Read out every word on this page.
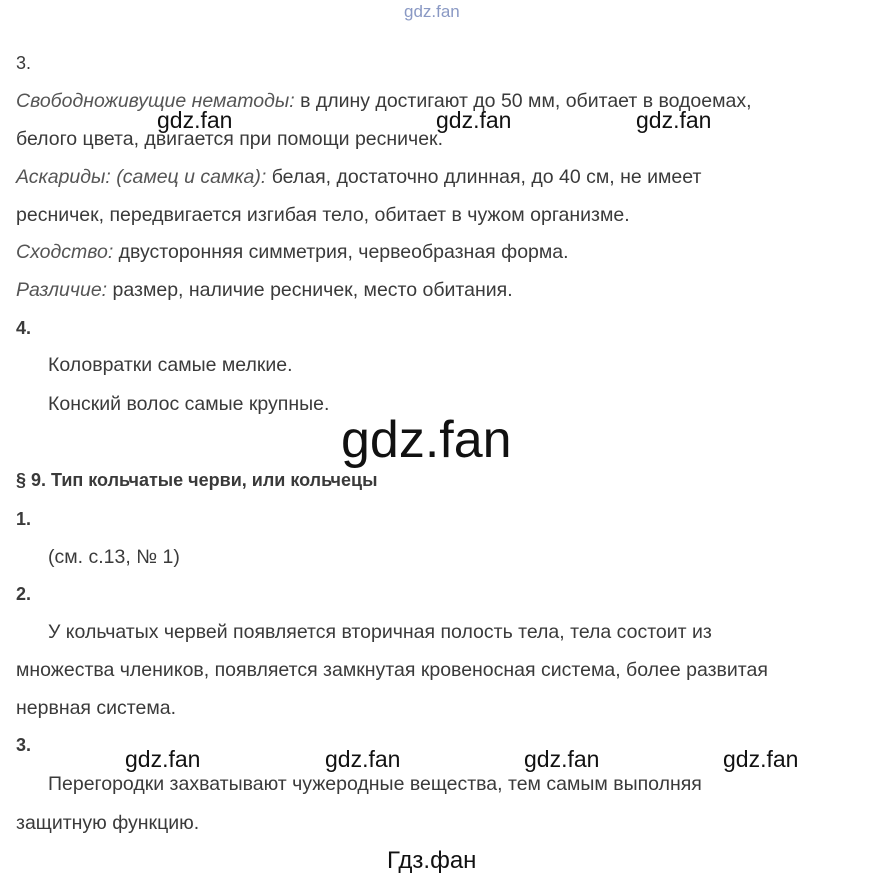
gdz.fan
3.
Свободноживущие нематоды: в длину достигают до 50 мм, обитает в водоемах,
белого цвета, двигается при помощи ресничек.
gdz.fan	gdz.fan	gdz.fan
Аскариды: (самец и самка): белая, достаточно длинная, до 40 см, не имеет
ресничек, передвигается изгибая тело, обитает в чужом организме.
Сходство: двусторонняя симметрия, червеобразная форма.
Различие: размер, наличие ресничек, место обитания.
4.
Коловратки самые мелкие.
Конский волос самые крупные.
gdz.fan
§ 9. Тип кольчатые черви, или кольчецы
1.
(см. с.13, № 1)
2.
У кольчатых червей появляется вторичная полость тела, тела состоит из
множества члеников, появляется замкнутая кровеносная система, более развитая
нервная система.
3.
gdz.fan	gdz.fan	gdz.fan	gdz.fan
Перегородки захватывают чужеродные вещества, тем самым выполняя
защитную функцию.
Гдз.фан
